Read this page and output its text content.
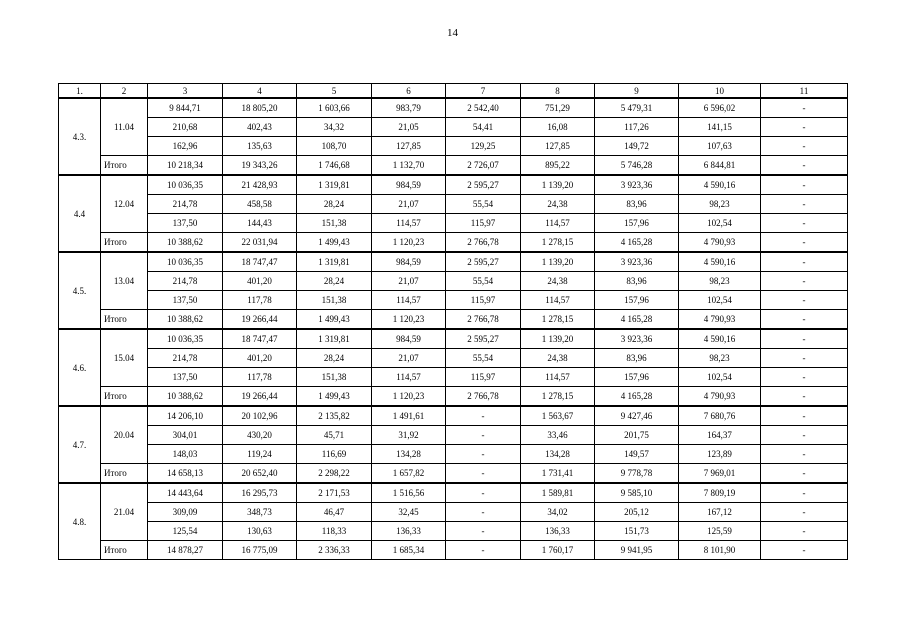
14
1.	2	3	4	5	6	7	8	9	10	11
4.3.	11.04	9 844,71	18 805,20	1 603,66	983,79	2 542,40	751,29	5 479,31	6 596,02	-
		210,68	402,43	34,32	21,05	54,41	16,08	117,26	141,15	-
		162,96	135,63	108,70	127,85	129,25	127,85	149,72	107,63	-
	Итого	10 218,34	19 343,26	1 746,68	1 132,70	2 726,07	895,22	5 746,28	6 844,81	-
4.4	12.04	10 036,35	21 428,93	1 319,81	984,59	2 595,27	1 139,20	3 923,36	4 590,16	-
		214,78	458,58	28,24	21,07	55,54	24,38	83,96	98,23	-
		137,50	144,43	151,38	114,57	115,97	114,57	157,96	102,54	-
	Итого	10 388,62	22 031,94	1 499,43	1 120,23	2 766,78	1 278,15	4 165,28	4 790,93	-
4.5.	13.04	10 036,35	18 747,47	1 319,81	984,59	2 595,27	1 139,20	3 923,36	4 590,16	-
		214,78	401,20	28,24	21,07	55,54	24,38	83,96	98,23	-
		137,50	117,78	151,38	114,57	115,97	114,57	157,96	102,54	-
	Итого	10 388,62	19 266,44	1 499,43	1 120,23	2 766,78	1 278,15	4 165,28	4 790,93	-
4.6.	15.04	10 036,35	18 747,47	1 319,81	984,59	2 595,27	1 139,20	3 923,36	4 590,16	-
		214,78	401,20	28,24	21,07	55,54	24,38	83,96	98,23	-
		137,50	117,78	151,38	114,57	115,97	114,57	157,96	102,54	-
	Итого	10 388,62	19 266,44	1 499,43	1 120,23	2 766,78	1 278,15	4 165,28	4 790,93	-
4.7.	20.04	14 206,10	20 102,96	2 135,82	1 491,61	-	1 563,67	9 427,46	7 680,76	-
		304,01	430,20	45,71	31,92	-	33,46	201,75	164,37	-
		148,03	119,24	116,69	134,28	-	134,28	149,57	123,89	-
	Итого	14 658,13	20 652,40	2 298,22	1 657,82	-	1 731,41	9 778,78	7 969,01	-
4.8.	21.04	14 443,64	16 295,73	2 171,53	1 516,56	-	1 589,81	9 585,10	7 809,19	-
		309,09	348,73	46,47	32,45	-	34,02	205,12	167,12	-
		125,54	130,63	118,33	136,33	-	136,33	151,73	125,59	-
	Итого	14 878,27	16 775,09	2 336,33	1 685,34	-	1 760,17	9 941,95	8 101,90	-
